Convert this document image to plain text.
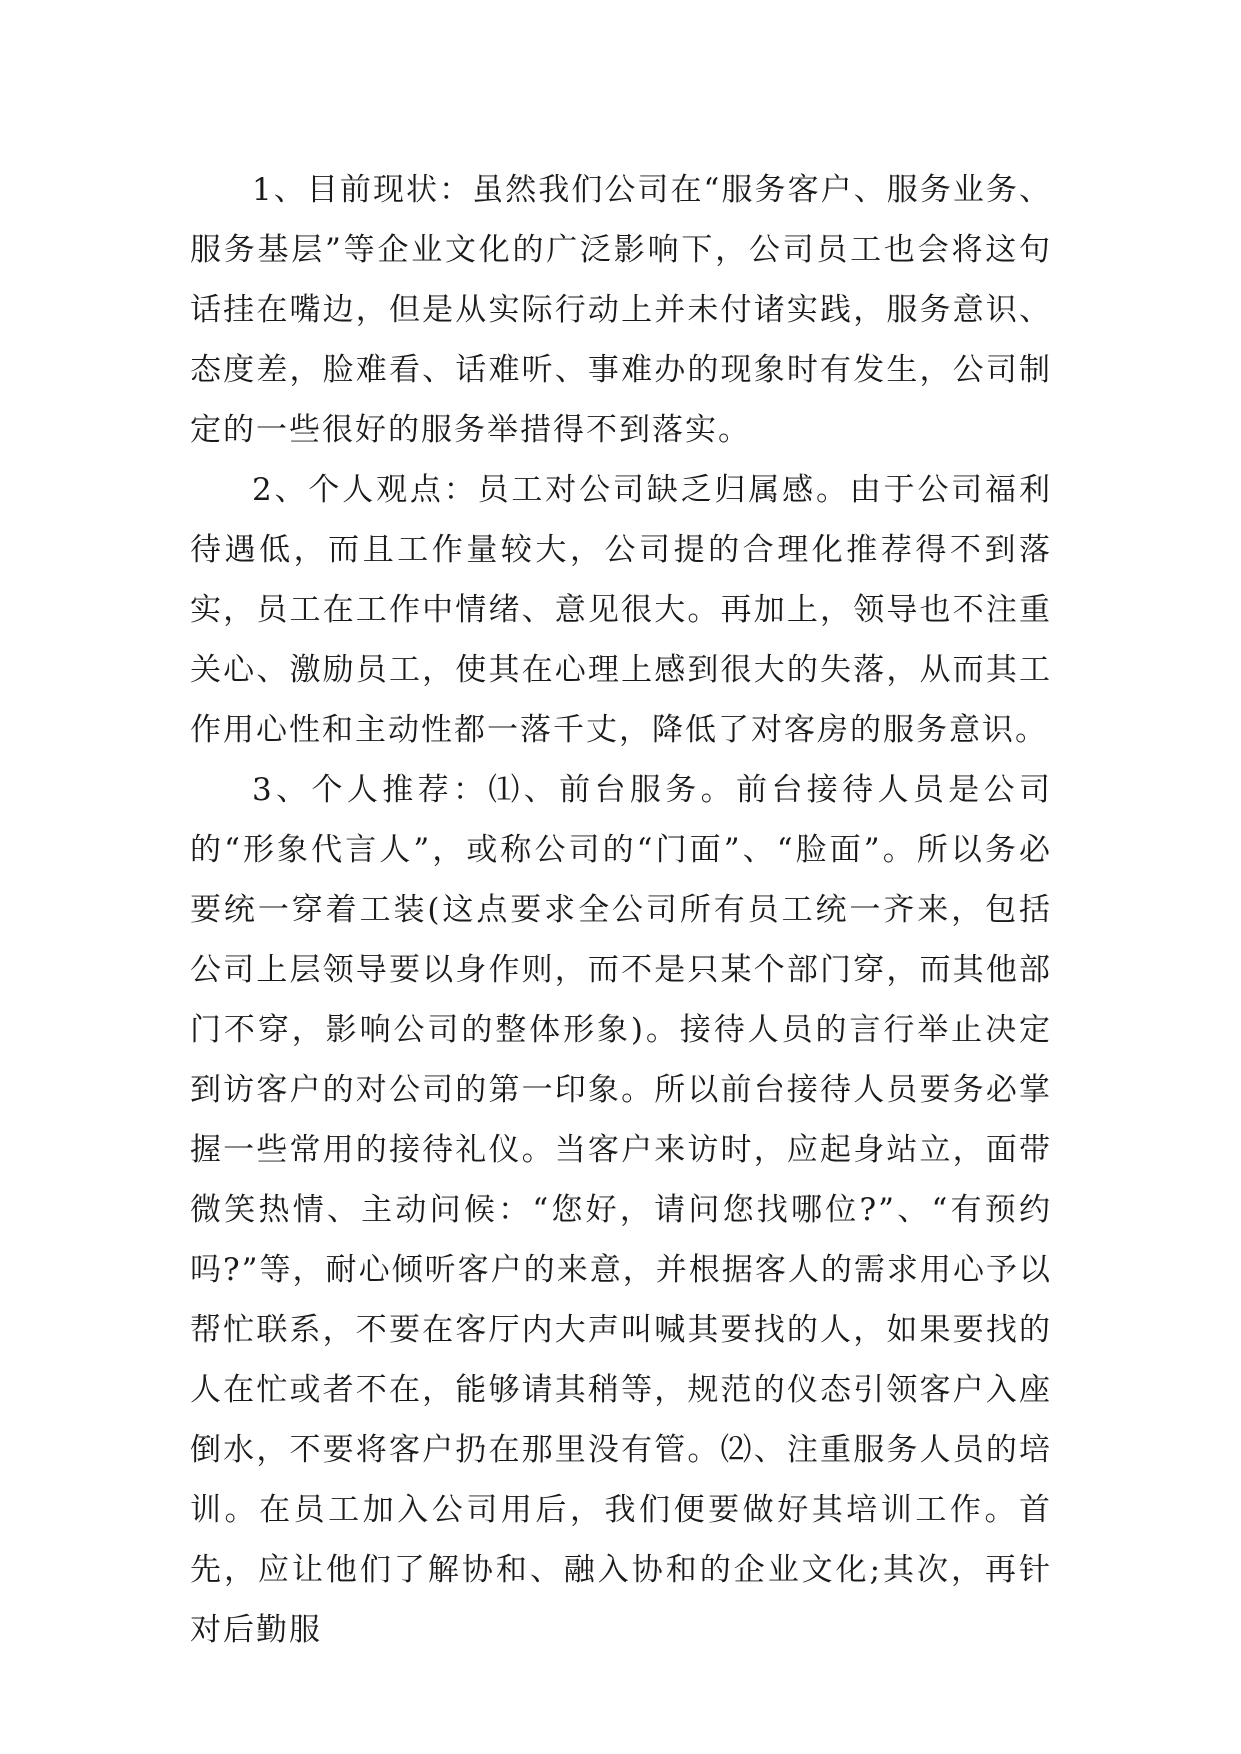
1、目前现状：虽然我们公司在“服务客户、服务业务、服务基层”等企业文化的广泛影响下，公司员工也会将这句话挂在嘴边，但是从实际行动上并未付诸实践，服务意识、态度差，脸难看、话难听、事难办的现象时有发生，公司制定的一些很好的服务举措得不到落实。

2、个人观点：员工对公司缺乏归属感。由于公司福利待遇低，而且工作量较大，公司提的合理化推荐得不到落实，员工在工作中情绪、意见很大。再加上，领导也不注重关心、激励员工，使其在心理上感到很大的失落，从而其工作用心性和主动性都一落千丈，降低了对客房的服务意识。

3、个人推荐：⑴、前台服务。前台接待人员是公司的“形象代言人”，或称公司的“门面”、“脸面”。所以务必要统一穿着工装(这点要求全公司所有员工统一齐来，包括公司上层领导要以身作则，而不是只某个部门穿，而其他部门不穿，影响公司的整体形象)。接待人员的言行举止决定到访客户的对公司的第一印象。所以前台接待人员要务必掌握一些常用的接待礼仪。当客户来访时，应起身站立，面带微笑热情、主动问候：“您好，请问您找哪位?”、“有预约吗?”等，耐心倾听客户的来意，并根据客人的需求用心予以帮忙联系，不要在客厅内大声叫喊其要找的人，如果要找的人在忙或者不在，能够请其稍等，规范的仪态引领客户入座倒水，不要将客户扔在那里没有管。⑵、注重服务人员的培训。在员工加入公司用后，我们便要做好其培训工作。首先，应让他们了解协和、融入协和的企业文化;其次，再针对后勤服
